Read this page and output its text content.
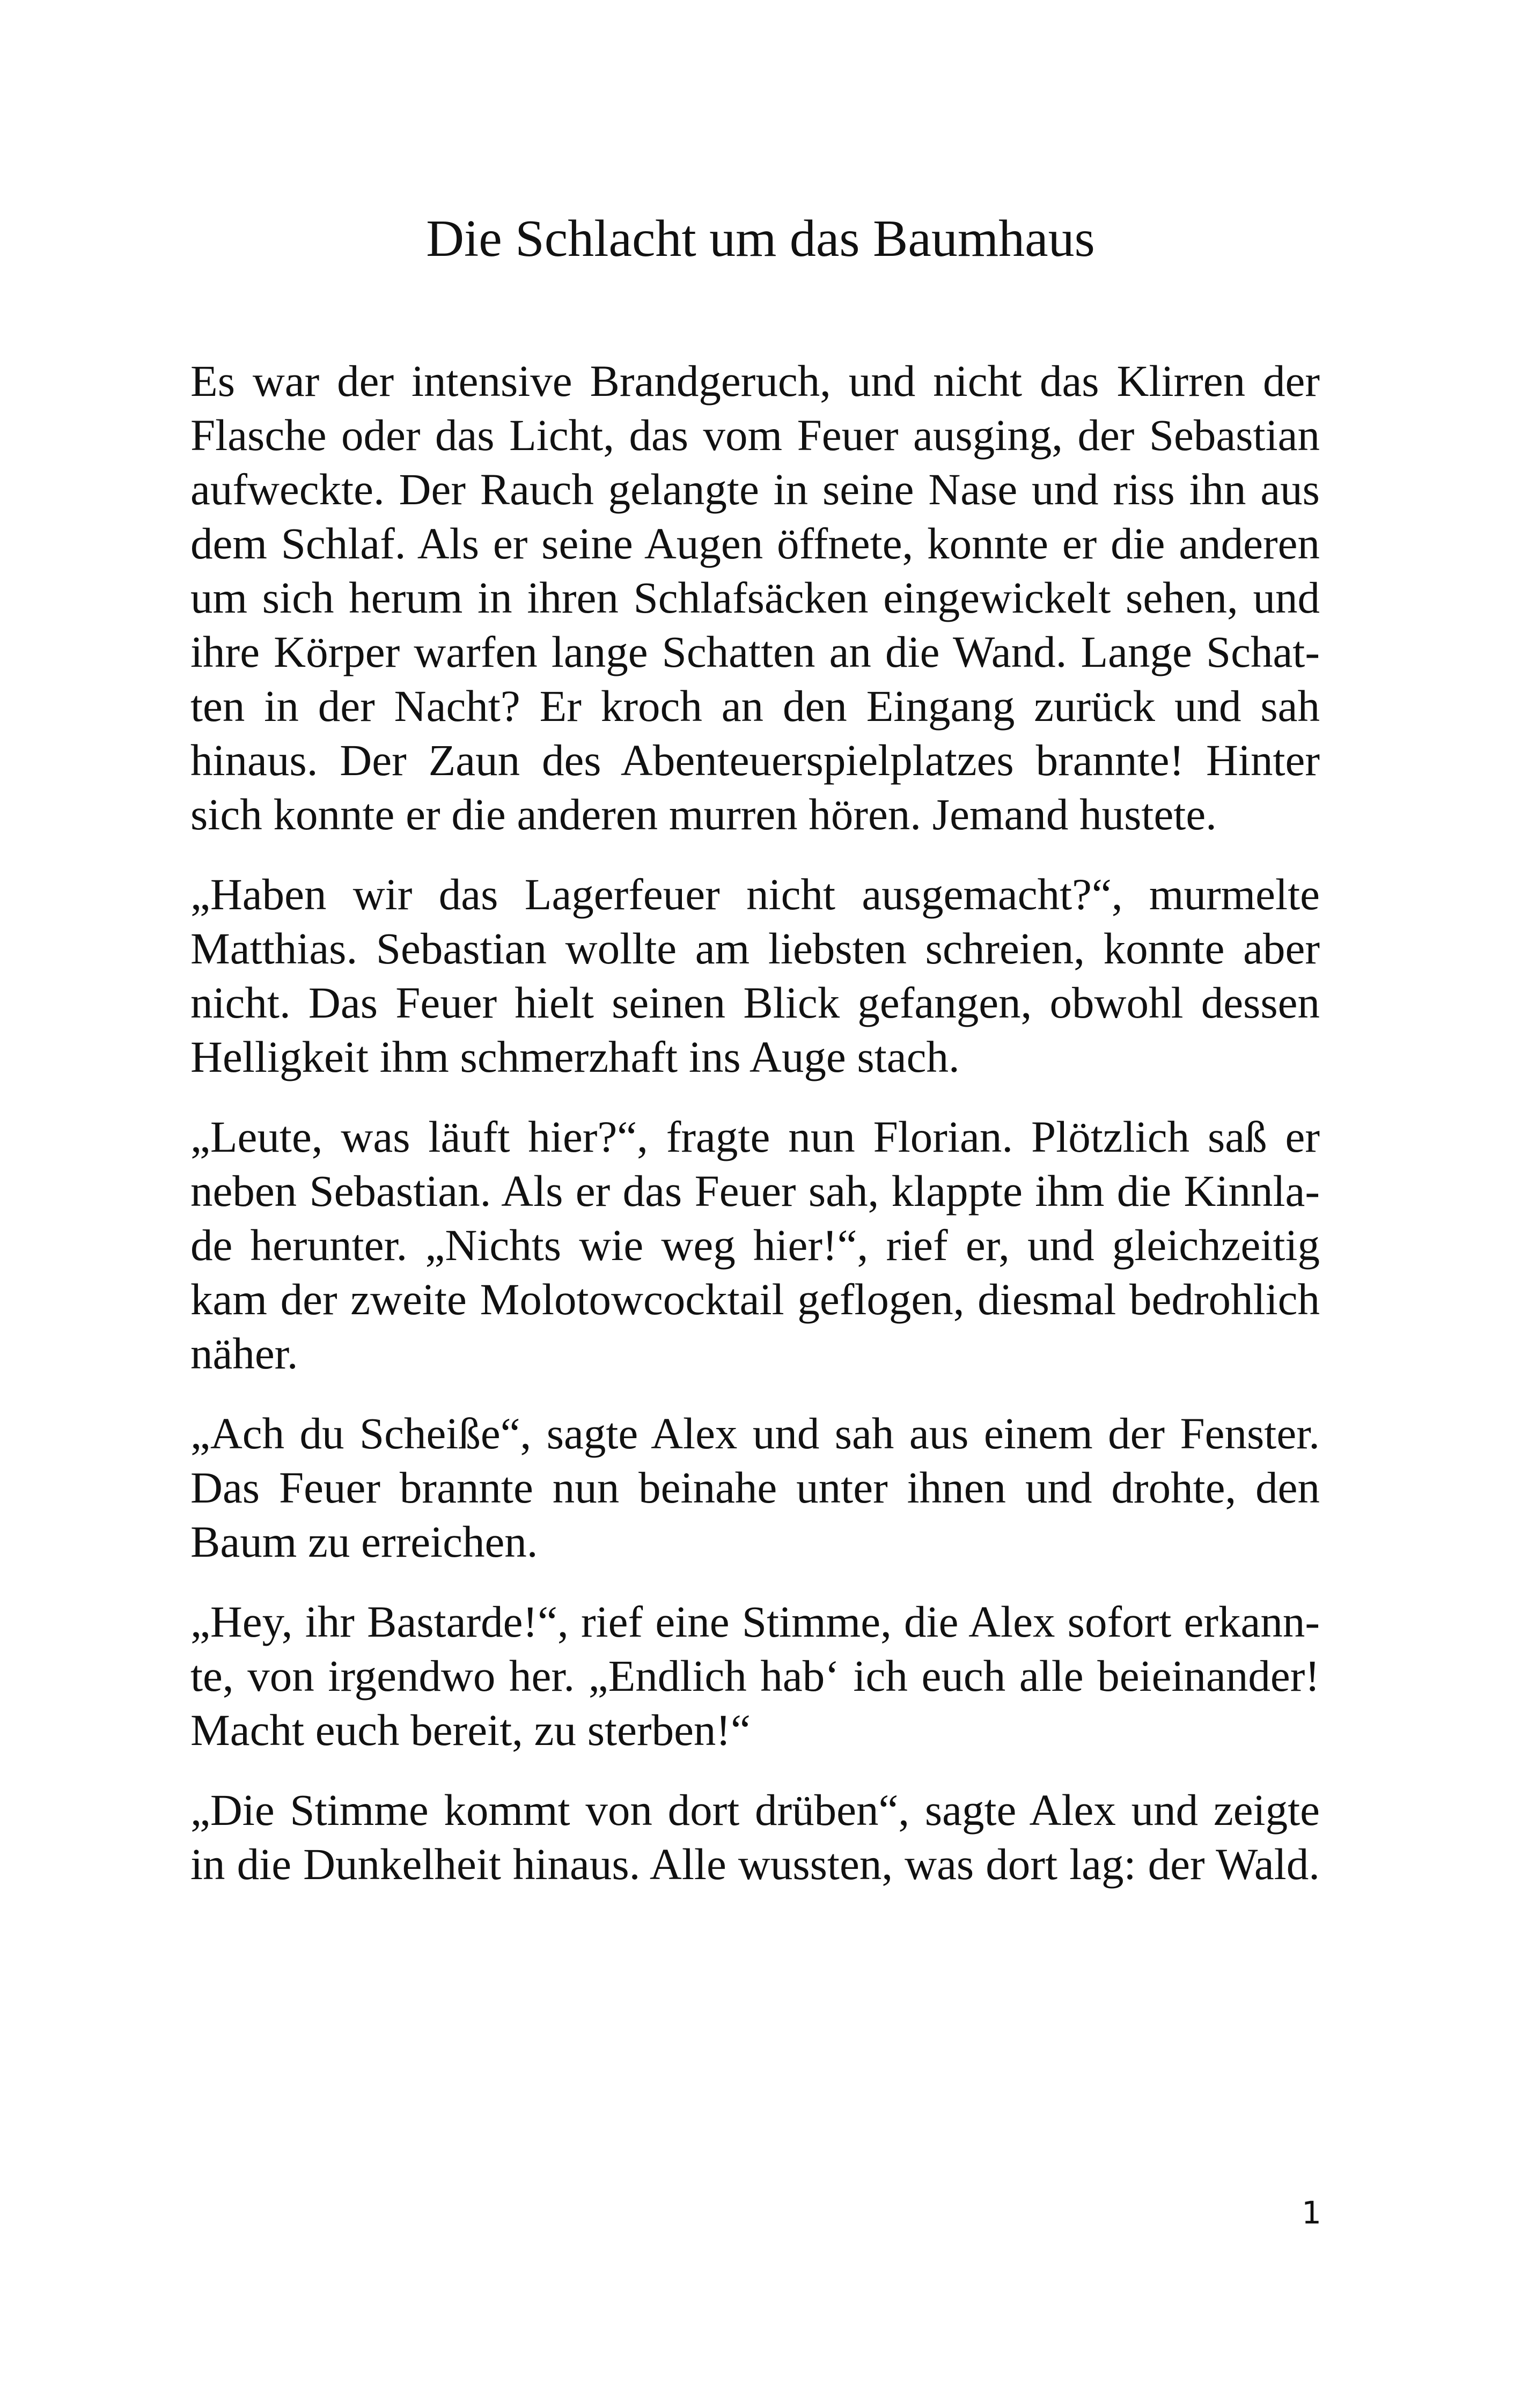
Die Schlacht um das Baumhaus
Es war der intensive Brandgeruch, und nicht das Klirren der
Flasche oder das Licht, das vom Feuer ausging, der Sebastian
aufweckte. Der Rauch gelangte in seine Nase und riss ihn aus
dem Schlaf. Als er seine Augen öffnete, konnte er die anderen
um sich herum in ihren Schlafsäcken eingewickelt sehen, und
ihre Körper warfen lange Schatten an die Wand. Lange Schat-
ten in der Nacht? Er kroch an den Eingang zurück und sah
hinaus. Der Zaun des Abenteuerspielplatzes brannte! Hinter
sich konnte er die anderen murren hören. Jemand hustete.
„Haben wir das Lagerfeuer nicht ausgemacht?“, murmelte
Matthias. Sebastian wollte am liebsten schreien, konnte aber
nicht. Das Feuer hielt seinen Blick gefangen, obwohl dessen
Helligkeit ihm schmerzhaft ins Auge stach.
„Leute, was läuft hier?“, fragte nun Florian. Plötzlich saß er
neben Sebastian. Als er das Feuer sah, klappte ihm die Kinnla-
de herunter. „Nichts wie weg hier!“, rief er, und gleichzeitig
kam der zweite Molotowcocktail geflogen, diesmal bedrohlich
näher.
„Ach du Scheiße“, sagte Alex und sah aus einem der Fenster.
Das Feuer brannte nun beinahe unter ihnen und drohte, den
Baum zu erreichen.
„Hey, ihr Bastarde!“, rief eine Stimme, die Alex sofort erkann-
te, von irgendwo her. „Endlich hab‘ ich euch alle beieinander!
Macht euch bereit, zu sterben!“
„Die Stimme kommt von dort drüben“, sagte Alex und zeigte
in die Dunkelheit hinaus. Alle wussten, was dort lag: der Wald.
1
